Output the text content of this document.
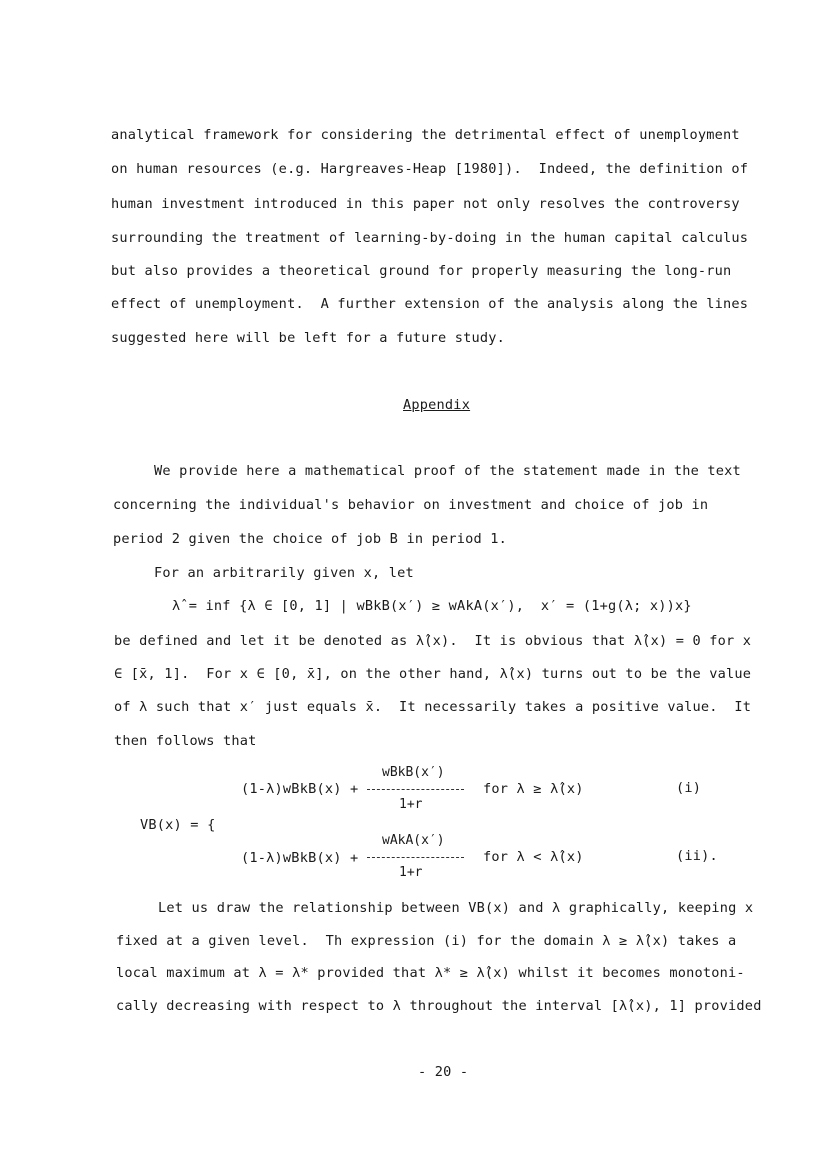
analytical framework for considering the detrimental effect of unemployment
on human resources (e.g. Hargreaves-Heap [1980]).  Indeed, the definition of
human investment introduced in this paper not only resolves the controversy
surrounding the treatment of learning-by-doing in the human capital calculus
but also provides a theoretical ground for properly measuring the long-run
effect of unemployment.  A further extension of the analysis along the lines
suggested here will be left for a future study.
Appendix
We provide here a mathematical proof of the statement made in the text
concerning the individual's behavior on investment and choice of job in
period 2 given the choice of job B in period 1.
For an arbitrarily given x, let
λ̂ = inf {λ ∈ [0, 1] | wBkB(x′) ≥ wAkA(x′),  x′ = (1+g(λ; x))x}
be defined and let it be denoted as λ̂(x).  It is obvious that λ̂(x) = 0 for x
∈ [x̄, 1].  For x ∈ [0, x̄], on the other hand, λ̂(x) turns out to be the value
of λ such that x′ just equals x̄.  It necessarily takes a positive value.  It
then follows that
VB(x) = {
(1-λ)wBkB(x) +
wBkB(x′)
1+r
for λ ≥ λ̂(x)	(i)
(1-λ)wBkB(x) +
wAkA(x′)
1+r
for λ < λ̂(x)	(ii).
Let us draw the relationship between VB(x) and λ graphically, keeping x
fixed at a given level.  Th expression (i) for the domain λ ≥ λ̂(x) takes a
local maximum at λ = λ* provided that λ* ≥ λ̂(x) whilst it becomes monotoni-
cally decreasing with respect to λ throughout the interval [λ̂(x), 1] provided
- 20 -
